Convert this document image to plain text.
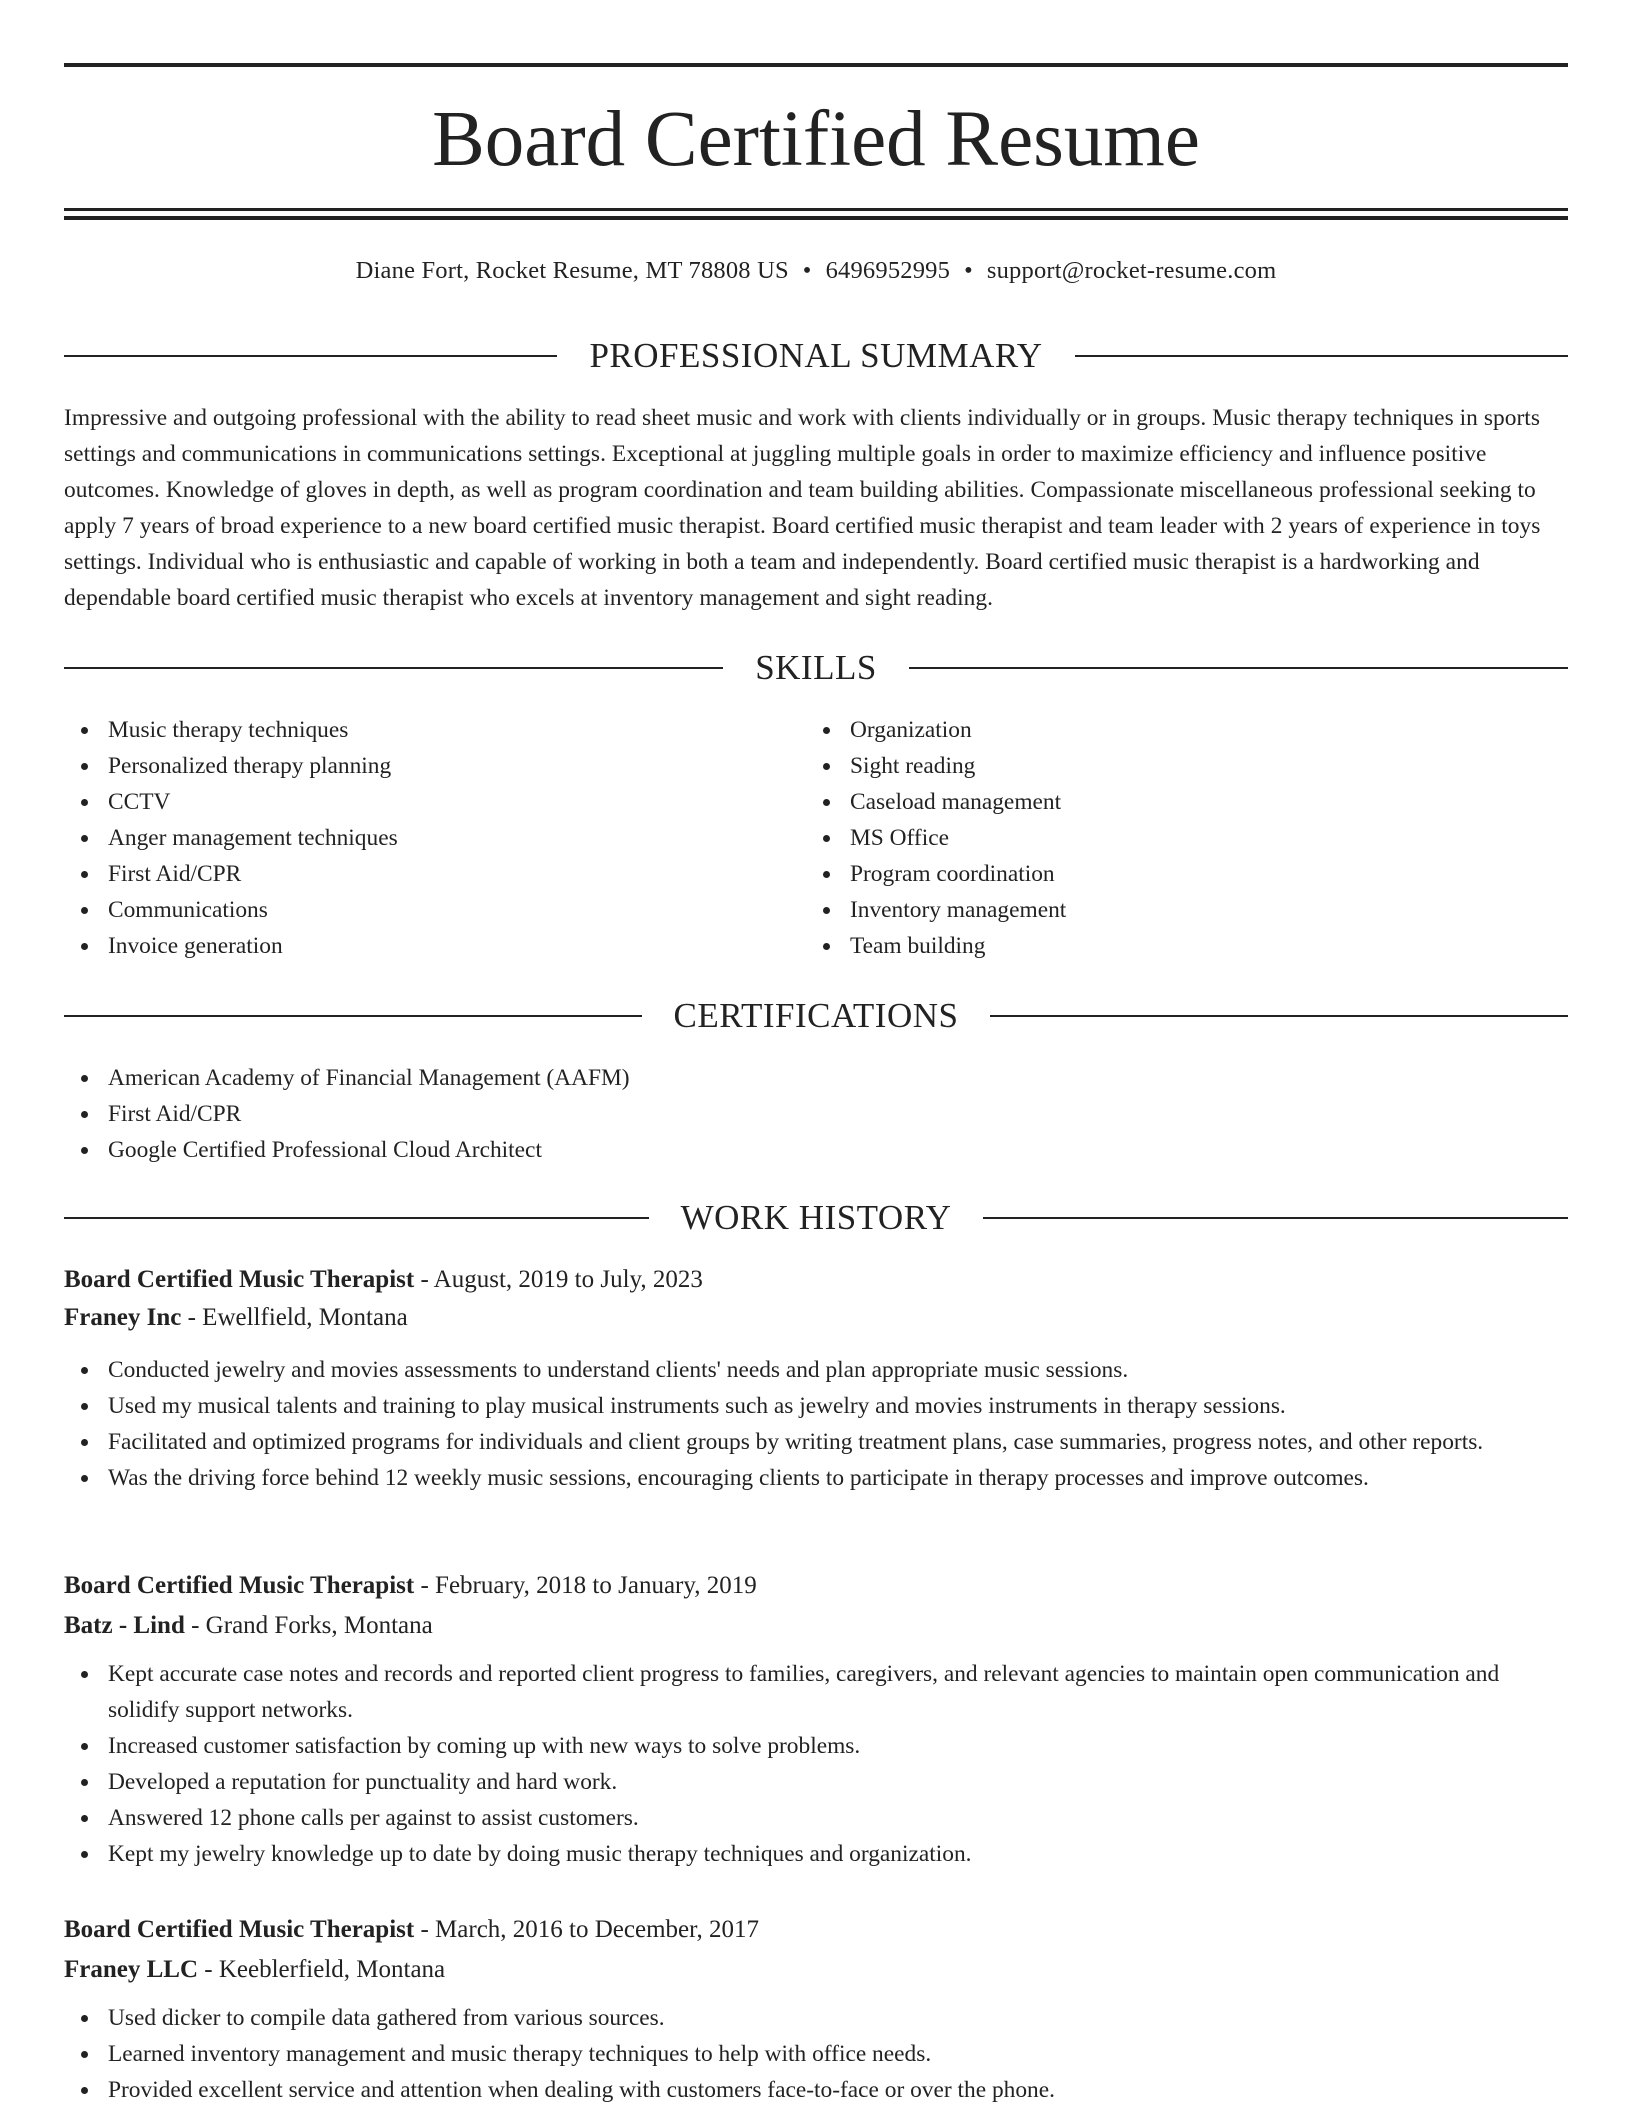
Board Certified Resume
Diane Fort, Rocket Resume, MT 78808 US • 6496952995 • support@rocket-resume.com
PROFESSIONAL SUMMARY

Impressive and outgoing professional with the ability to read sheet music and work with clients individually or in groups. Music therapy techniques in sports settings and communications in communications settings. Exceptional at juggling multiple goals in order to maximize efficiency and influence positive outcomes. Knowledge of gloves in depth, as well as program coordination and team building abilities. Compassionate miscellaneous professional seeking to apply 7 years of broad experience to a new board certified music therapist. Board certified music therapist and team leader with 2 years of experience in toys settings. Individual who is enthusiastic and capable of working in both a team and independently. Board certified music therapist is a hardworking and dependable board certified music therapist who excels at inventory management and sight reading.

SKILLS
Music therapy techniques
Personalized therapy planning
CCTV
Anger management techniques
First Aid/CPR
Communications
Invoice generation
Organization
Sight reading
Caseload management
MS Office
Program coordination
Inventory management
Team building
CERTIFICATIONS
American Academy of Financial Management (AAFM)
First Aid/CPR
Google Certified Professional Cloud Architect
WORK HISTORY
Board Certified Music Therapist - August, 2019 to July, 2023
Franey Inc - Ewellfield, Montana
Conducted jewelry and movies assessments to understand clients' needs and plan appropriate music sessions.
Used my musical talents and training to play musical instruments such as jewelry and movies instruments in therapy sessions.
Facilitated and optimized programs for individuals and client groups by writing treatment plans, case summaries, progress notes, and other reports.
Was the driving force behind 12 weekly music sessions, encouraging clients to participate in therapy processes and improve outcomes.
Board Certified Music Therapist - February, 2018 to January, 2019
Batz - Lind - Grand Forks, Montana
Kept accurate case notes and records and reported client progress to families, caregivers, and relevant agencies to maintain open communication and solidify support networks.
Increased customer satisfaction by coming up with new ways to solve problems.
Developed a reputation for punctuality and hard work.
Answered 12 phone calls per against to assist customers.
Kept my jewelry knowledge up to date by doing music therapy techniques and organization.
Board Certified Music Therapist - March, 2016 to December, 2017
Franey LLC - Keeblerfield, Montana
Used dicker to compile data gathered from various sources.
Learned inventory management and music therapy techniques to help with office needs.
Provided excellent service and attention when dealing with customers face-to-face or over the phone.
